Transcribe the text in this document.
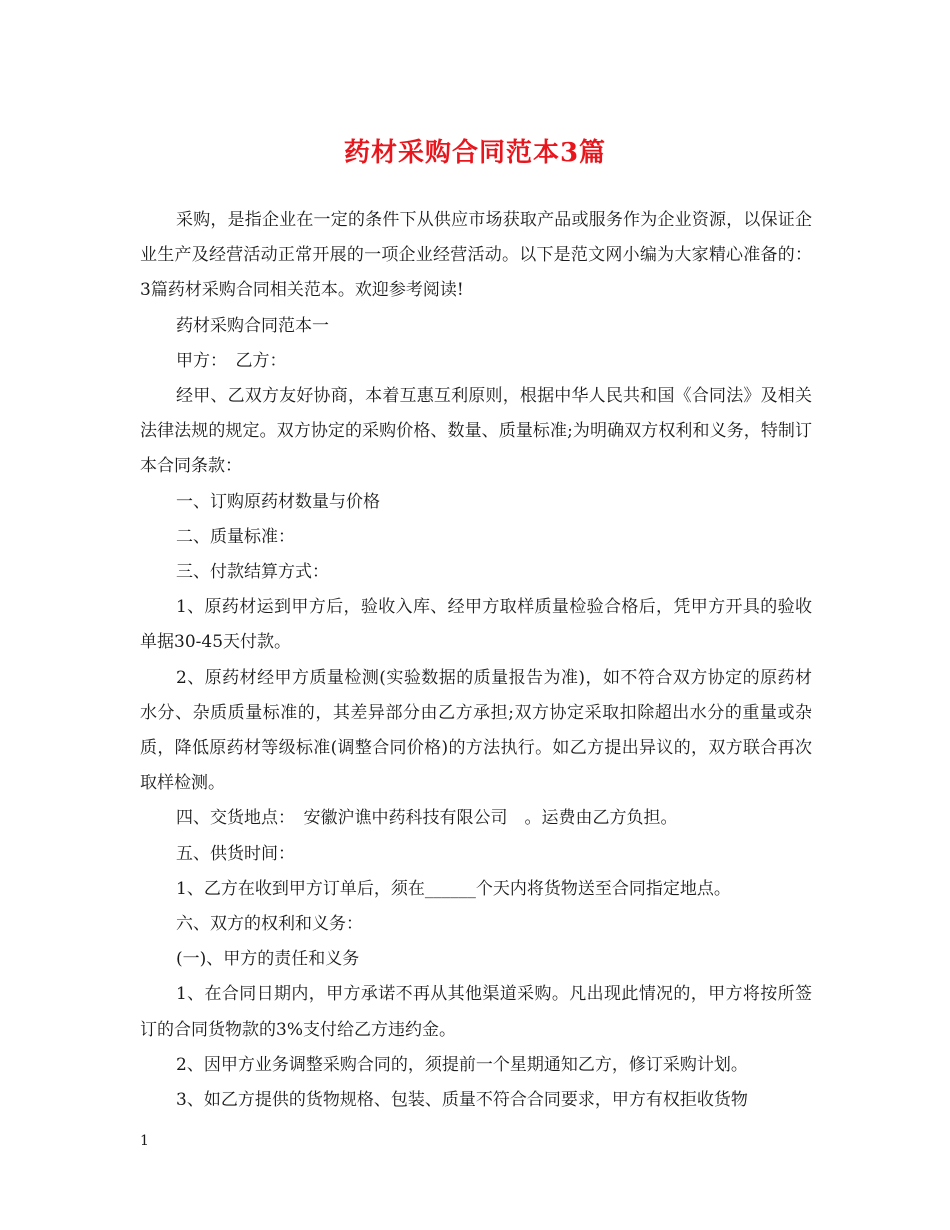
药材采购合同范本3篇

采购，是指企业在一定的条件下从供应市场获取产品或服务作为企业资源，以保证企业生产及经营活动正常开展的一项企业经营活动。以下是范文网小编为大家精心准备的：3篇药材采购合同相关范本。欢迎参考阅读!

药材采购合同范本一

甲方：　乙方：

经甲、乙双方友好协商，本着互惠互利原则，根据中华人民共和国《合同法》及相关法律法规的规定。双方协定的采购价格、数量、质量标准;为明确双方权利和义务，特制订本合同条款：

一、订购原药材数量与价格

二、质量标准：

三、付款结算方式：

1、原药材运到甲方后，验收入库、经甲方取样质量检验合格后，凭甲方开具的验收单据30-45天付款。

2、原药材经甲方质量检测(实验数据的质量报告为准)，如不符合双方协定的原药材水分、杂质质量标准的，其差异部分由乙方承担;双方协定采取扣除超出水分的重量或杂质，降低原药材等级标准(调整合同价格)的方法执行。如乙方提出异议的，双方联合再次取样检测。

四、交货地点：　安徽沪谯中药科技有限公司　。运费由乙方负担。

五、供货时间：

1、乙方在收到甲方订单后，须在______个天内将货物送至合同指定地点。

六、双方的权利和义务：

(一)、甲方的责任和义务

1、在合同日期内，甲方承诺不再从其他渠道采购。凡出现此情况的，甲方将按所签订的合同货物款的3%支付给乙方违约金。

2、因甲方业务调整采购合同的，须提前一个星期通知乙方，修订采购计划。

3、如乙方提供的货物规格、包装、质量不符合合同要求，甲方有权拒收货物

1
